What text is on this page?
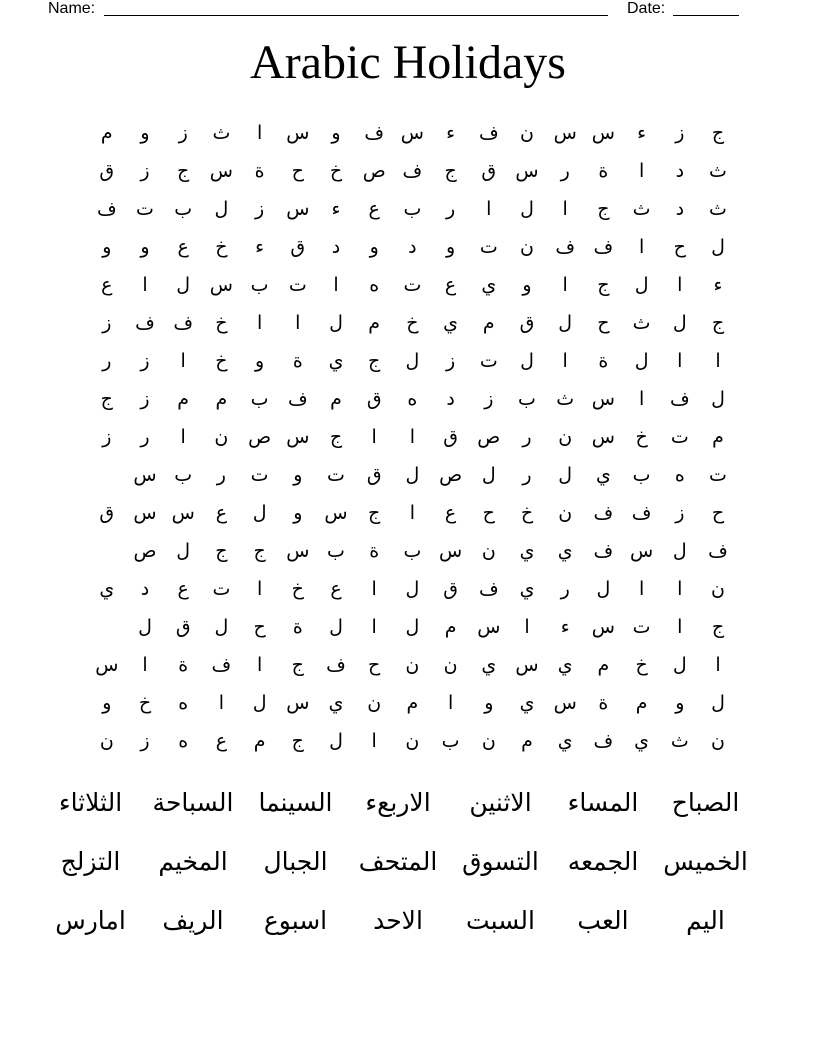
Name:	Date:
Arabic Holidays
ج
ز
ء
س
س
ن
ف
ء
س
ف
و
س
ا
ث
ز
و
م
ث
د
ا
ة
ر
س
ق
ج
ف
ص
خ
ح
ة
س
ج
ز
ق
ث
د
ث
ج
ا
ل
ا
ر
ب
ع
ء
س
ز
ل
ب
ت
ف
ل
ح
ا
ف
ف
ن
ت
و
د
و
د
ق
ء
خ
ع
و
و
ء
ا
ل
ج
ا
و
ي
ع
ت
ه
ا
ت
ب
س
ل
ا
ع
ج
ل
ث
ح
ل
ق
م
ي
خ
م
ل
ا
ا
خ
ف
ف
ز
ا
ا
ل
ة
ا
ل
ت
ز
ل
ج
ي
ة
و
خ
ا
ز
ر
ل
ف
ا
س
ث
ب
ز
د
ه
ق
م
ف
ب
م
م
ز
ج
م
ت
خ
س
ن
ر
ص
ق
ا
ا
ج
س
ص
ن
ا
ر
ز
ت
ه
ب
ي
ل
ر
ل
ص
ل
ق
ت
و
ت
ر
ب
س
ح
ز
ف
ف
ن
خ
ح
ع
ا
ج
س
و
ل
ع
س
س
ق
ف
ل
س
ف
ي
ي
ن
س
ب
ة
ب
س
ج
ج
ل
ص
ن
ا
ا
ل
ر
ي
ف
ق
ل
ا
ع
خ
ا
ت
ع
د
ي
ج
ا
ت
س
ء
ا
س
م
ل
ا
ل
ة
ح
ل
ق
ل
ا
ل
خ
م
ي
س
ي
ن
ن
ح
ف
ج
ا
ف
ة
ا
س
ل
و
م
ة
س
ي
و
ا
م
ن
ي
س
ل
ا
ه
خ
و
ن
ث
ي
ف
ي
م
ن
ب
ن
ا
ل
ج
م
ع
ه
ز
ن
الصباح
المساء
الاثنين
الاربعء
السينما
السباحة
الثلاثاء
الخميس
الجمعه
التسوق
المتحف
الجبال
المخيم
التزلج
اليم
العب
السبت
الاحد
اسبوع
الريف
امارس
